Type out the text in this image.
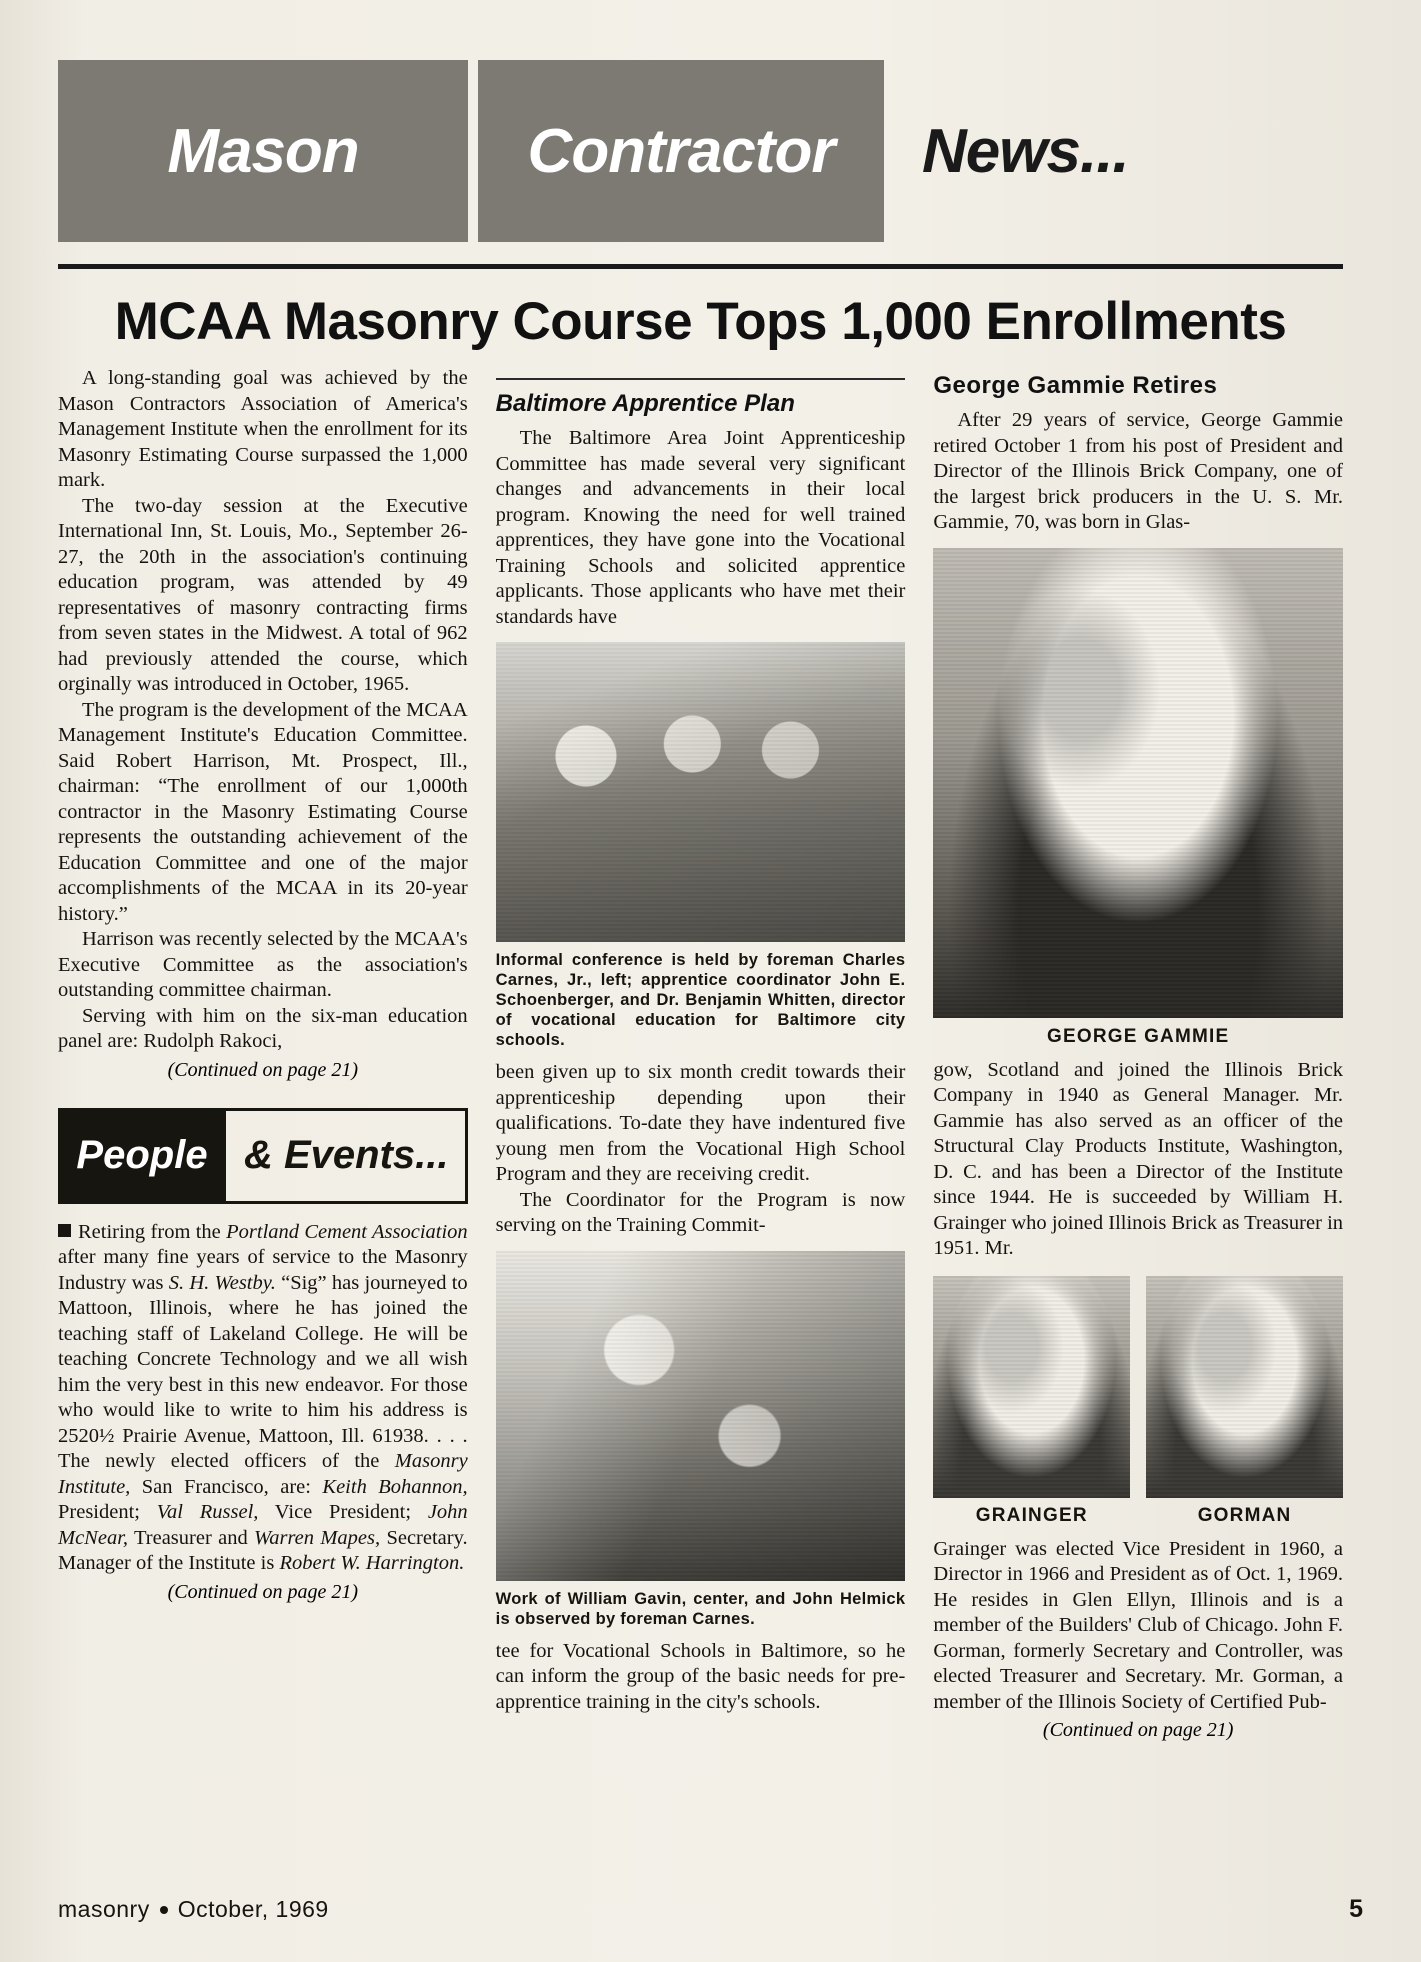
Mason	Contractor	News...
MCAA Masonry Course Tops 1,000 Enrollments

A long-standing goal was achieved by the Mason Contractors Association of America's Management Institute when the enrollment for its Masonry Estimating Course surpassed the 1,000 mark.

The two-day session at the Executive International Inn, St. Louis, Mo., September 26-27, the 20th in the association's continuing education program, was attended by 49 representatives of masonry contracting firms from seven states in the Midwest. A total of 962 had previously attended the course, which orginally was introduced in October, 1965.

The program is the development of the MCAA Management Institute's Education Committee. Said Robert Harrison, Mt. Prospect, Ill., chairman: “The enrollment of our 1,000th contractor in the Masonry Estimating Course represents the outstanding achievement of the Education Committee and one of the major accomplishments of the MCAA in its 20-year history.”

Harrison was recently selected by the MCAA's Executive Committee as the association's outstanding committee chairman.

Serving with him on the six-man education panel are: Rudolph Rakoci,

(Continued on page 21)
People & Events...

Retiring from the Portland Cement Association after many fine years of service to the Masonry Industry was S. H. Westby. “Sig” has journeyed to Mattoon, Illinois, where he has joined the teaching staff of Lakeland College. He will be teaching Concrete Technology and we all wish him the very best in this new endeavor. For those who would like to write to him his address is 2520½ Prairie Avenue, Mattoon, Ill. 61938. . . . The newly elected officers of the Masonry Institute, San Francisco, are: Keith Bohannon, President; Val Russel, Vice President; John McNear, Treasurer and Warren Mapes, Secretary. Manager of the Institute is Robert W. Harrington.

(Continued on page 21)
Baltimore Apprentice Plan

The Baltimore Area Joint Apprenticeship Committee has made several very significant changes and advancements in their local program. Knowing the need for well trained apprentices, they have gone into the Vocational Training Schools and solicited apprentice applicants. Those applicants who have met their standards have

Informal conference is held by foreman Charles Carnes, Jr., left; apprentice coordinator John E. Schoenberger, and Dr. Benjamin Whitten, director of vocational education for Baltimore city schools.

been given up to six month credit towards their apprenticeship depending upon their qualifications. To-date they have indentured five young men from the Vocational High School Program and they are receiving credit.

The Coordinator for the Program is now serving on the Training Commit-

Work of William Gavin, center, and John Helmick is observed by foreman Carnes.

tee for Vocational Schools in Baltimore, so he can inform the group of the basic needs for pre-apprentice training in the city's schools.

George Gammie Retires

After 29 years of service, George Gammie retired October 1 from his post of President and Director of the Illinois Brick Company, one of the largest brick producers in the U. S. Mr. Gammie, 70, was born in Glas-

GEORGE GAMMIE

gow, Scotland and joined the Illinois Brick Company in 1940 as General Manager. Mr. Gammie has also served as an officer of the Structural Clay Products Institute, Washington, D. C. and has been a Director of the Institute since 1944. He is succeeded by William H. Grainger who joined Illinois Brick as Treasurer in 1951. Mr.

GRAINGER	GORMAN

Grainger was elected Vice President in 1960, a Director in 1966 and President as of Oct. 1, 1969. He resides in Glen Ellyn, Illinois and is a member of the Builders' Club of Chicago. John F. Gorman, formerly Secretary and Controller, was elected Treasurer and Secretary. Mr. Gorman, a member of the Illinois Society of Certified Pub-

(Continued on page 21)
masonry October, 1969	5
